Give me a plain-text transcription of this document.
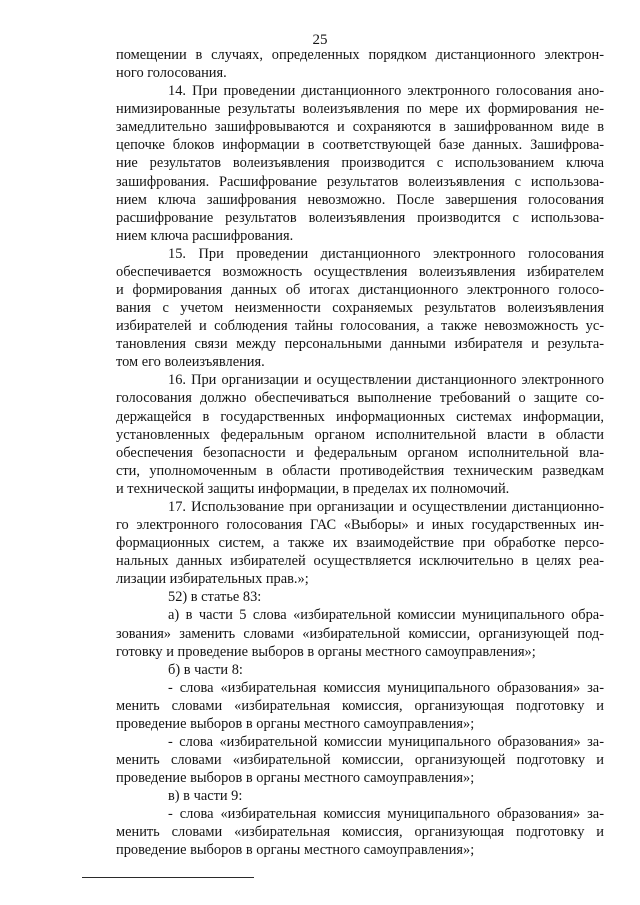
25
помещении в случаях, определенных порядком дистанционного электрон-
ного голосования.
14. При проведении дистанционного электронного голосования ано-
нимизированные результаты волеизъявления по мере их формирования не-
замедлительно зашифровываются и сохраняются в зашифрованном виде в
цепочке блоков информации в соответствующей базе данных. Зашифрова-
ние результатов волеизъявления производится с использованием ключа
зашифрования. Расшифрование результатов волеизъявления с использова-
нием ключа зашифрования невозможно. После завершения голосования
расшифрование результатов волеизъявления производится с использова-
нием ключа расшифрования.
15. При проведении дистанционного электронного голосования
обеспечивается возможность осуществления волеизъявления избирателем
и формирования данных об итогах дистанционного электронного голосо-
вания с учетом неизменности сохраняемых результатов волеизъявления
избирателей и соблюдения тайны голосования, а также невозможность ус-
тановления связи между персональными данными избирателя и результа-
том его волеизъявления.
16. При организации и осуществлении дистанционного электронного
голосования должно обеспечиваться выполнение требований о защите со-
держащейся в государственных информационных системах информации,
установленных федеральным органом исполнительной власти в области
обеспечения безопасности и федеральным органом исполнительной вла-
сти, уполномоченным в области противодействия техническим разведкам
и технической защиты информации, в пределах их полномочий.
17. Использование при организации и осуществлении дистанционно-
го электронного голосования ГАС «Выборы» и иных государственных ин-
формационных систем, а также их взаимодействие при обработке персо-
нальных данных избирателей осуществляется исключительно в целях реа-
лизации избирательных прав.»;
52) в статье 83:
а) в части 5 слова «избирательной комиссии муниципального обра-
зования» заменить словами «избирательной комиссии, организующей под-
готовку и проведение выборов в органы местного самоуправления»;
б) в части 8:
- слова «избирательная комиссия муниципального образования» за-
менить словами «избирательная комиссия, организующая подготовку и
проведение выборов в органы местного самоуправления»;
- слова «избирательной комиссии муниципального образования» за-
менить словами «избирательной комиссии, организующей подготовку и
проведение выборов в органы местного самоуправления»;
в) в части 9:
- слова «избирательная комиссия муниципального образования» за-
менить словами «избирательная комиссия, организующая подготовку и
проведение выборов в органы местного самоуправления»;
